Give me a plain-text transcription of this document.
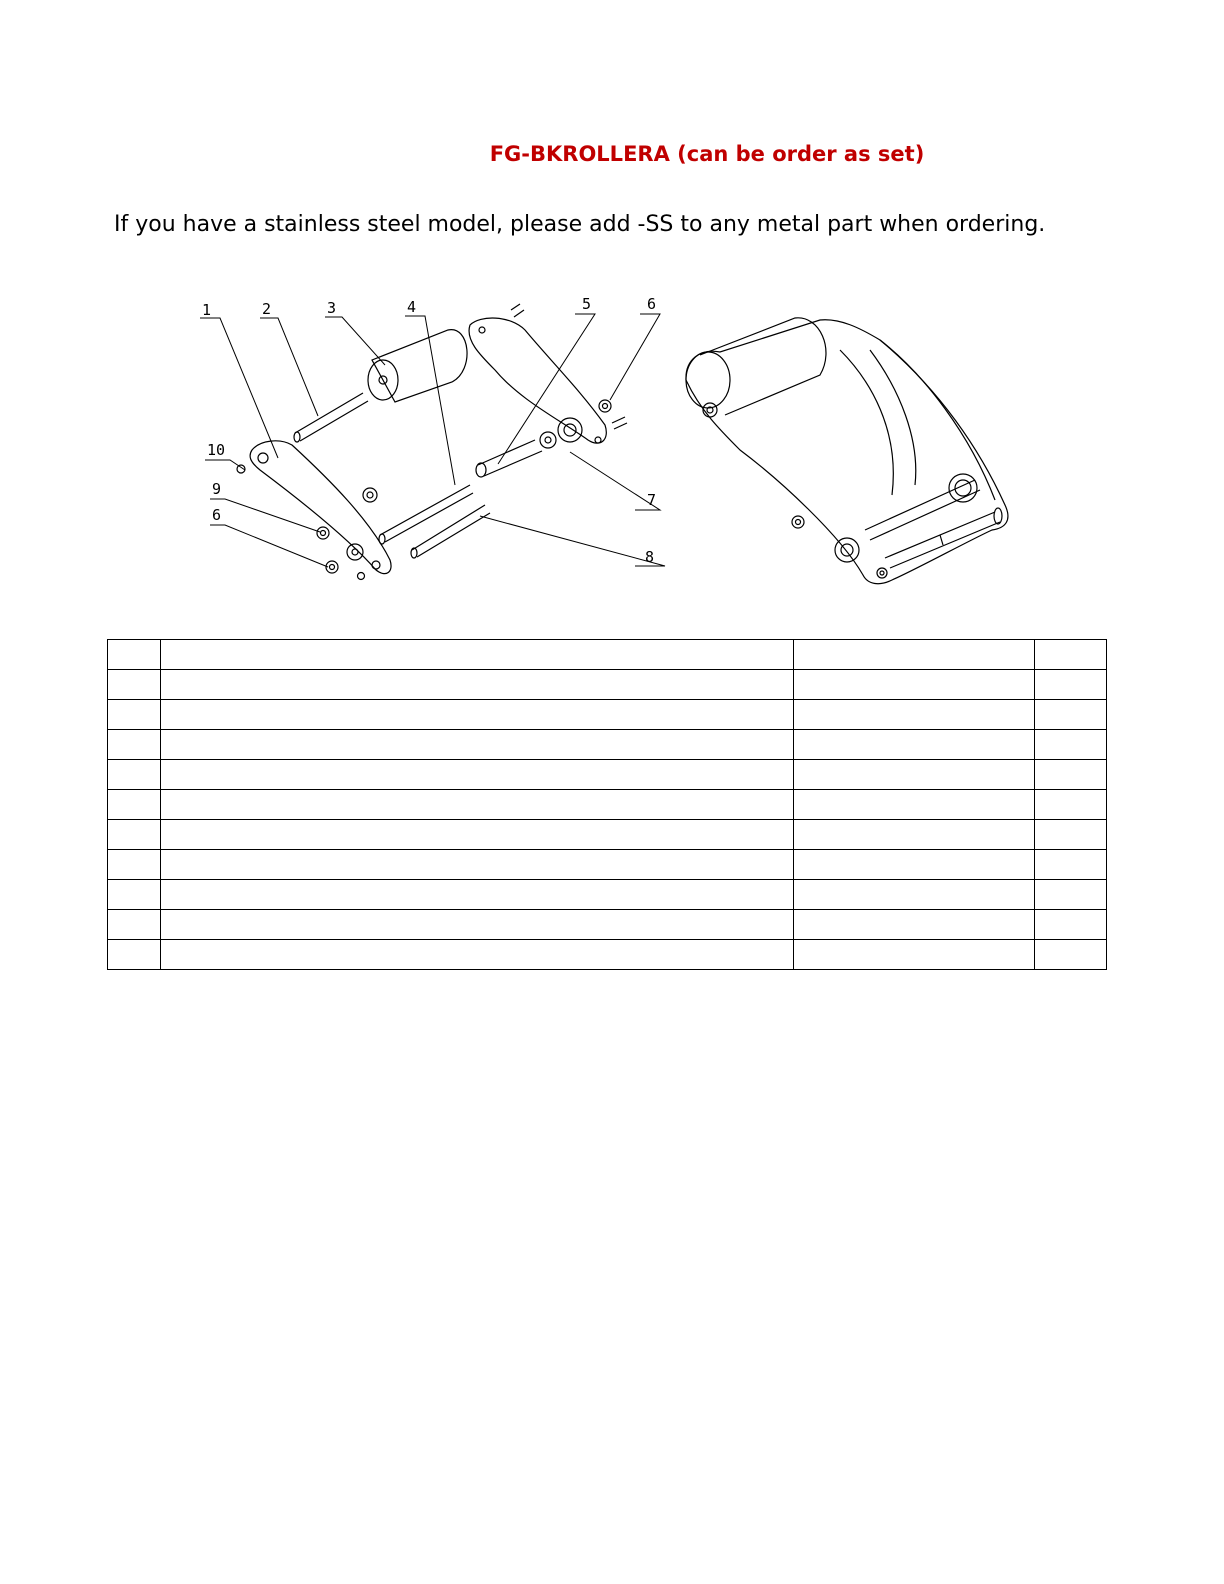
FG-BKROLLERA (can be order as set)
If you have a stainless steel model, please add -SS to any metal part when ordering.
1	2	3	4	5	6
7
8
10
9
6
